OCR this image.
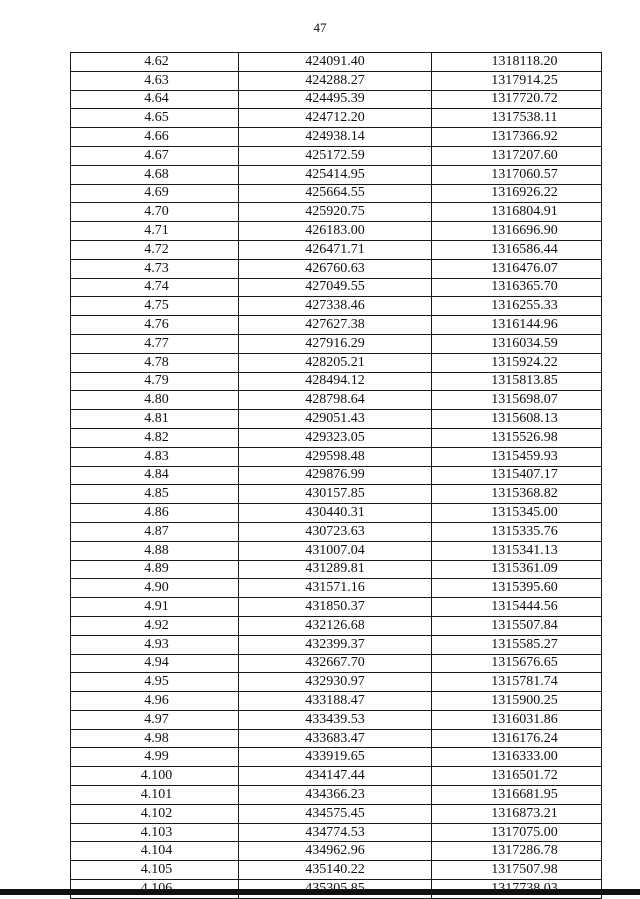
47
4.62	424091.40	1318118.20
4.63	424288.27	1317914.25
4.64	424495.39	1317720.72
4.65	424712.20	1317538.11
4.66	424938.14	1317366.92
4.67	425172.59	1317207.60
4.68	425414.95	1317060.57
4.69	425664.55	1316926.22
4.70	425920.75	1316804.91
4.71	426183.00	1316696.90
4.72	426471.71	1316586.44
4.73	426760.63	1316476.07
4.74	427049.55	1316365.70
4.75	427338.46	1316255.33
4.76	427627.38	1316144.96
4.77	427916.29	1316034.59
4.78	428205.21	1315924.22
4.79	428494.12	1315813.85
4.80	428798.64	1315698.07
4.81	429051.43	1315608.13
4.82	429323.05	1315526.98
4.83	429598.48	1315459.93
4.84	429876.99	1315407.17
4.85	430157.85	1315368.82
4.86	430440.31	1315345.00
4.87	430723.63	1315335.76
4.88	431007.04	1315341.13
4.89	431289.81	1315361.09
4.90	431571.16	1315395.60
4.91	431850.37	1315444.56
4.92	432126.68	1315507.84
4.93	432399.37	1315585.27
4.94	432667.70	1315676.65
4.95	432930.97	1315781.74
4.96	433188.47	1315900.25
4.97	433439.53	1316031.86
4.98	433683.47	1316176.24
4.99	433919.65	1316333.00
4.100	434147.44	1316501.72
4.101	434366.23	1316681.95
4.102	434575.45	1316873.21
4.103	434774.53	1317075.00
4.104	434962.96	1317286.78
4.105	435140.22	1317507.98
